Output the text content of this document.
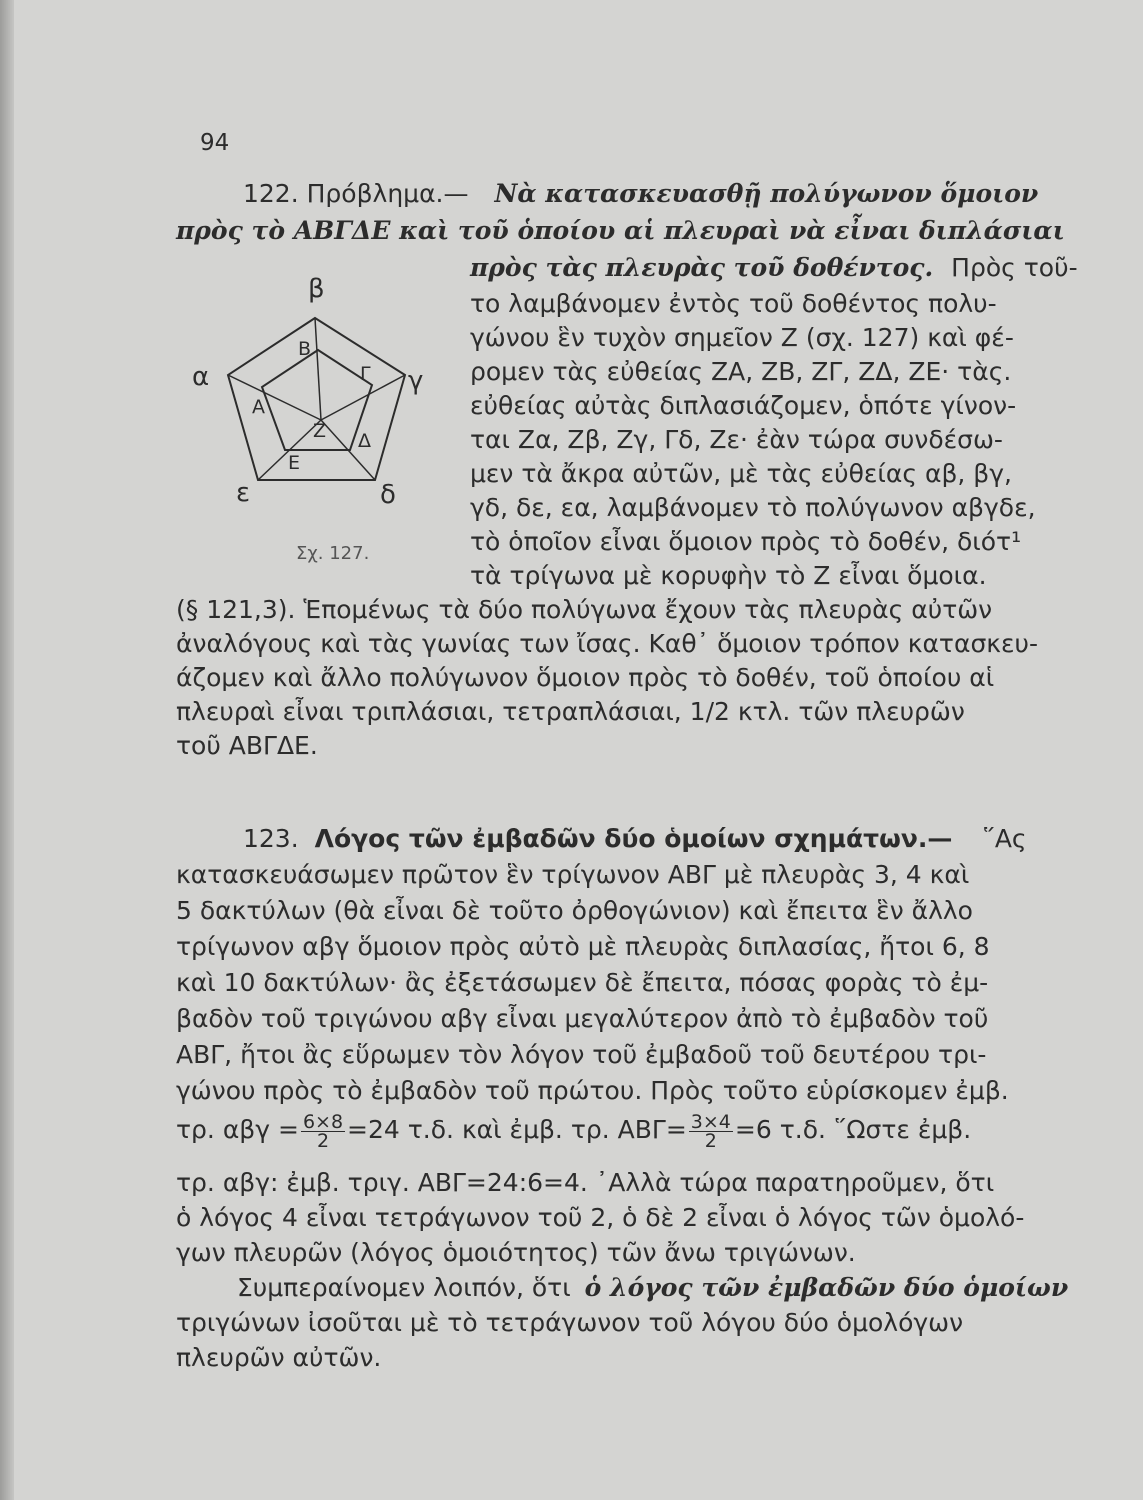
94
122. Πρόβλημα.— Νὰ κατασκευασθῇ πολύγωνον ὅμοιον
πρὸς τὸ ΑΒΓΔΕ καὶ τοῦ ὁποίου αἱ πλευραὶ νὰ εἶναι διπλάσιαι
πρὸς τὰς πλευρὰς τοῦ δοθέντος. Πρὸς τοῦ-
το λαμβάνομεν ἐντὸς τοῦ δοθέντος πολυ-
γώνου ἓν τυχὸν σημεῖον Ζ (σχ. 127) καὶ φέ-
ρομεν τὰς εὐθείας ΖΑ, ΖΒ, ΖΓ, ΖΔ, ΖΕ· τὰς.
εὐθείας αὐτὰς διπλασιάζομεν, ὁπότε γίνον-
ται Ζα, Ζβ, Ζγ, Γδ, Ζε· ἐὰν τώρα συνδέσω-
μεν τὰ ἄκρα αὐτῶν, μὲ τὰς εὐθείας αβ, βγ,
γδ, δε, εα, λαμβάνομεν τὸ πολύγωνον αβγδε,
τὸ ὁποῖον εἶναι ὅμοιον πρὸς τὸ δοθέν, διότ¹
τὰ τρίγωνα μὲ κορυφὴν τὸ Ζ εἶναι ὅμοια.
(§ 121,3). Ἑπομένως τὰ δύο πολύγωνα ἔχουν τὰς πλευρὰς αὐτῶν
ἀναλόγους καὶ τὰς γωνίας των ἴσας. Καθ᾽ ὅμοιον τρόπον κατασκευ-
άζομεν καὶ ἄλλο πολύγωνον ὅμοιον πρὸς τὸ δοθέν, τοῦ ὁποίου αἱ
πλευραὶ εἶναι τριπλάσιαι, τετραπλάσιαι, 1/2 κτλ. τῶν πλευρῶν
τοῦ ΑΒΓΔΕ.
β
γ
δ
ε
α
Β
Γ
Δ
Ε
Α
Ζ
Σχ. 127.
123. Λόγος τῶν ἐμβαδῶν δύο ὁμοίων σχημάτων.— ῞Ας
κατασκευάσωμεν πρῶτον ἓν τρίγωνον ΑΒΓ μὲ πλευρὰς 3, 4 καὶ
5 δακτύλων (θὰ εἶναι δὲ τοῦτο ὀρθογώνιον) καὶ ἔπειτα ἓν ἄλλο
τρίγωνον αβγ ὅμοιον πρὸς αὐτὸ μὲ πλευρὰς διπλασίας, ἤτοι 6, 8
καὶ 10 δακτύλων· ἂς ἐξετάσωμεν δὲ ἔπειτα, πόσας φορὰς τὸ ἐμ-
βαδὸν τοῦ τριγώνου αβγ εἶναι μεγαλύτερον ἀπὸ τὸ ἐμβαδὸν τοῦ
ΑΒΓ, ἤτοι ἂς εὕρωμεν τὸν λόγον τοῦ ἐμβαδοῦ τοῦ δευτέρου τρι-
γώνου πρὸς τὸ ἐμβαδὸν τοῦ πρώτου. Πρὸς τοῦτο εὑρίσκομεν ἐμβ.
τρ. $\alpha\beta\gamma = \frac{6\times 8}{2} =24$ τ.δ. καὶ ἐμβ. τρ. $AB\Gamma= \frac{3\times 4}{2} =6$ τ.δ. ῞Ωστε ἐμβ.
τρ. αβγ: ἐμβ. τριγ. ΑΒΓ=24:6=4. ᾽Αλλὰ τώρα παρατηροῦμεν, ὅτι
ὁ λόγος 4 εἶναι τετράγωνον τοῦ 2, ὁ δὲ 2 εἶναι ὁ λόγος τῶν ὁμολό-
γων πλευρῶν (λόγος ὁμοιότητος) τῶν ἄνω τριγώνων.
Συμπεραίνομεν λοιπόν, ὅτι ὁ λόγος τῶν ἐμβαδῶν δύο ὁμοίων
τριγώνων ἰσοῦται μὲ τὸ τετράγωνον τοῦ λόγου δύο ὁμολόγων
πλευρῶν αὐτῶν.
